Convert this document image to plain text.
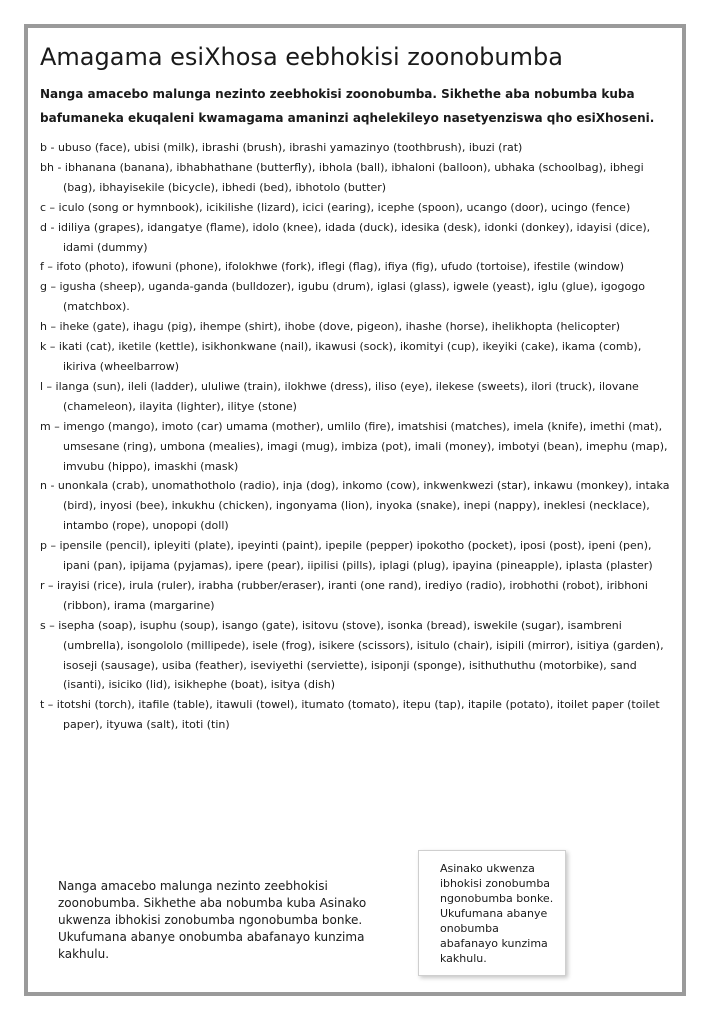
Amagama esiXhosa eebhokisi zoonobumba

Nanga amacebo malunga nezinto zeebhokisi zoonobumba. Sikhethe aba nobumba kuba bafumaneka ekuqaleni kwamagama amaninzi aqhelekileyo nasetyenziswa qho esiXhoseni.

b - ubuso (face), ubisi (milk), ibrashi (brush), ibrashi yamazinyo (toothbrush), ibuzi (rat)

bh - ibhanana (banana), ibhabhathane (butterfly), ibhola (ball), ibhaloni (balloon), ubhaka (schoolbag), ibhegi (bag), ibhayisekile (bicycle), ibhedi (bed), ibhotolo (butter)

c – iculo (song or hymnbook), icikilishe (lizard), icici (earing), icephe (spoon), ucango (door), ucingo (fence)

d - idiliya (grapes), idangatye (flame), idolo (knee), idada (duck), idesika (desk), idonki (donkey), idayisi (dice), idami (dummy)

f – ifoto (photo), ifowuni (phone), ifolokhwe (fork), iflegi (flag), ifiya (fig), ufudo (tortoise), ifestile (window)

g – igusha (sheep), uganda-ganda (bulldozer), igubu (drum), iglasi (glass), igwele (yeast), iglu (glue), igogogo (matchbox).

h – iheke (gate), ihagu (pig), ihempe (shirt), ihobe (dove, pigeon), ihashe (horse), ihelikhopta (helicopter)

k – ikati (cat), iketile (kettle), isikhonkwane (nail), ikawusi (sock), ikomityi (cup), ikeyiki (cake), ikama (comb), ikiriva (wheelbarrow)

l – ilanga (sun), ileli (ladder), ululiwe (train), ilokhwe (dress), iliso (eye), ilekese (sweets), ilori (truck), ilovane (chameleon), ilayita (lighter), ilitye (stone)

m – imengo (mango), imoto (car) umama (mother), umlilo (fire), imatshisi (matches), imela (knife), imethi (mat), umsesane (ring), umbona (mealies), imagi (mug), imbiza (pot), imali (money), imbotyi (bean), imephu (map), imvubu (hippo), imaskhi (mask)

n - unonkala (crab), unomathotholo (radio), inja (dog), inkomo (cow), inkwenkwezi (star), inkawu (monkey), intaka (bird), inyosi (bee), inkukhu (chicken), ingonyama (lion), inyoka (snake), inepi (nappy), ineklesi (necklace), intambo (rope), unopopi (doll)

p – ipensile (pencil), ipleyiti (plate), ipeyinti (paint), ipepile (pepper) ipokotho (pocket), iposi (post), ipeni (pen), ipani (pan), ipijama (pyjamas), ipere (pear), iipilisi (pills), iplagi (plug), ipayina (pineapple), iplasta (plaster)

r – irayisi (rice), irula (ruler), irabha (rubber/eraser), iranti (one rand), irediyo (radio), irobhothi (robot), iribhoni (ribbon), irama (margarine)

s – isepha (soap), isuphu (soup), isango (gate), isitovu (stove), isonka (bread), iswekile (sugar), isambreni (umbrella), isongololo (millipede), isele (frog), isikere (scissors), isitulo (chair), isipili (mirror), isitiya (garden), isoseji (sausage), usiba (feather), iseviyethi (serviette), isiponji (sponge), isithuthuthu (motorbike), sand (isanti), isiciko (lid), isikhephe (boat), isitya (dish)

t – itotshi (torch), itafile (table), itawuli (towel), itumato (tomato), itepu (tap), itapile (potato), itoilet paper (toilet paper), ityuwa (salt), itoti (tin)

Nanga amacebo malunga nezinto zeebhokisi zoonobumba. Sikhethe aba nobumba kuba Asinako ukwenza ibhokisi zonobumba ngonobumba bonke. Ukufumana abanye onobumba abafanayo kunzima kakhulu.

Asinako ukwenza ibhokisi zonobumba ngonobumba bonke. Ukufumana abanye onobumba abafanayo kunzima kakhulu.
